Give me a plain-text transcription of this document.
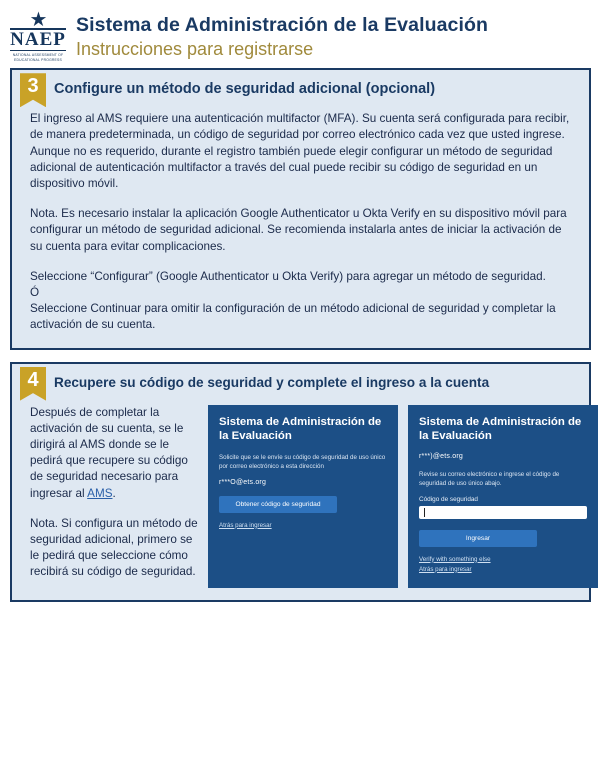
★
NAEP
NATIONAL ASSESSMENT OF EDUCATIONAL PROGRESS
Sistema de Administración de la Evaluación
Instrucciones para registrarse
3	Configure un método de seguridad adicional (opcional)

El ingreso al AMS requiere una autenticación multifactor (MFA). Su cuenta será configurada para recibir, de manera predeterminada, un código de seguridad por correo electrónico cada vez que usted ingrese. Aunque no es requerido, durante el registro también puede elegir configurar un método de seguridad adicional de autenticación multifactor a través del cual puede recibir su código de seguridad en un dispositivo móvil.

Nota. Es necesario instalar la aplicación Google Authenticator u Okta Verify en su dispositivo móvil para configurar un método de seguridad adicional. Se recomienda instalarla antes de iniciar la activación de su cuenta para evitar complicaciones.

Seleccione “Configurar” (Google Authenticator u Okta Verify) para agregar un método de seguridad.

Ó

Seleccione Continuar para omitir la configuración de un método adicional de seguridad y completar la activación de su cuenta.

4	Recupere su código de seguridad y complete el ingreso a la cuenta

Después de completar la activación de su cuenta, se le dirigirá al AMS donde se le pedirá que recupere su código de seguridad necesario para ingresar al AMS.

Nota. Si configura un método de seguridad adicional, primero se le pedirá que seleccione cómo recibirá su código de seguridad.

Sistema de Administración de la Evaluación
Solicite que se le envíe su código de seguridad de uso único por correo electrónico a esta dirección
r***O@ets.org
Obtener código de seguridad
Atrás para ingresar
Sistema de Administración de la Evaluación
r***)@ets.org
Revise su correo electrónico e ingrese el código de seguridad de uso único abajo.
Código de seguridad
Ingresar
Verify with something else
Atrás para ingresar
